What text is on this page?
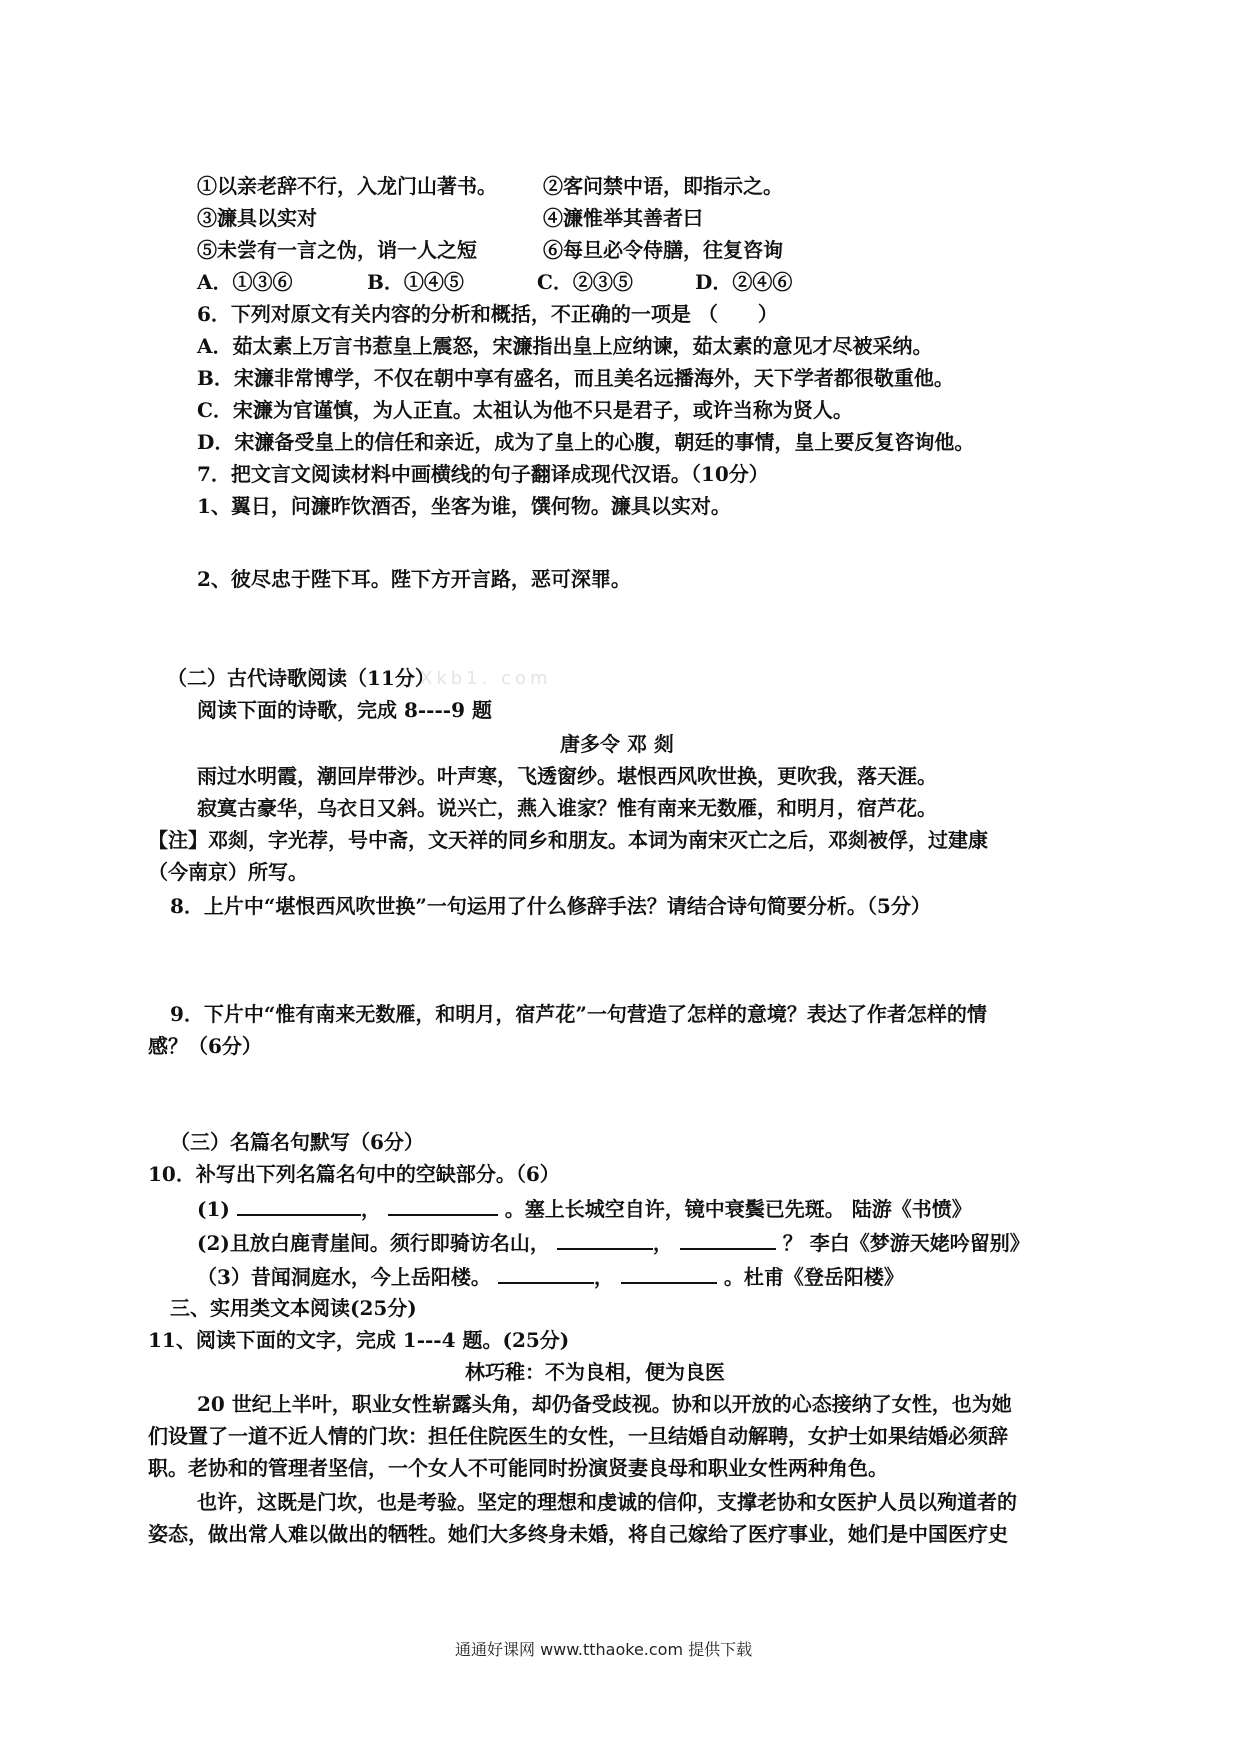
①以亲老辞不行，入龙门山著书。 ②客问禁中语，即指示之。
③濂具以实对	④濂惟举其善者曰
⑤未尝有一言之伪，诮一人之短	⑥每旦必令侍膳，往复咨询
A．①③⑥	B．①④⑤	C．②③⑤	D．②④⑥
6．下列对原文有关内容的分析和概括，不正确的一项是 （　　）
A．茹太素上万言书惹皇上震怒，宋濂指出皇上应纳谏，茹太素的意见才尽被采纳。
B．宋濂非常博学，不仅在朝中享有盛名，而且美名远播海外，天下学者都很敬重他。
C．宋濂为官谨慎，为人正直。太祖认为他不只是君子，或许当称为贤人。
D．宋濂备受皇上的信任和亲近，成为了皇上的心腹，朝廷的事情，皇上要反复咨询他。
7．把文言文阅读材料中画横线的句子翻译成现代汉语。（10分）
1、翼日，问濂昨饮酒否，坐客为谁，馔何物。濂具以实对。
2、彼尽忠于陛下耳。陛下方开言路，恶可深罪。
（二）古代诗歌阅读（11分）
Xkb1. com
阅读下面的诗歌，完成 8----9 题
唐多令 邓 剡
雨过水明霞，潮回岸带沙。叶声寒，飞透窗纱。堪恨西风吹世换，更吹我，落天涯。
寂寞古豪华，乌衣日又斜。说兴亡，燕入谁家？惟有南来无数雁，和明月，宿芦花。
【注】邓剡，字光荐，号中斋，文天祥的同乡和朋友。本词为南宋灭亡之后，邓剡被俘，过建康
（今南京）所写。
8．上片中“堪恨西风吹世换”一句运用了什么修辞手法？请结合诗句简要分析。（5分）
9．下片中“惟有南来无数雁，和明月，宿芦花”一句营造了怎样的意境？表达了作者怎样的情
感？（6分）
（三）名篇名句默写（6分）
10．补写出下列名篇名句中的空缺部分。（6）
(1)	，	。塞上长城空自许，镜中衰鬓已先斑。 陆游《书愤》
(2)且放白鹿青崖间。须行即骑访名山，	，	？ 李白《梦游天姥吟留别》
（3）昔闻洞庭水，今上岳阳楼。	，	。杜甫《登岳阳楼》
三、实用类文本阅读(25分)
11、阅读下面的文字，完成 1---4 题。(25分)
林巧稚：不为良相，便为良医
20 世纪上半叶，职业女性崭露头角，却仍备受歧视。协和以开放的心态接纳了女性，也为她
们设置了一道不近人情的门坎：担任住院医生的女性，一旦结婚自动解聘，女护士如果结婚必须辞
职。老协和的管理者坚信，一个女人不可能同时扮演贤妻良母和职业女性两种角色。
也许，这既是门坎，也是考验。坚定的理想和虔诚的信仰，支撑老协和女医护人员以殉道者的
姿态，做出常人难以做出的牺牲。她们大多终身未婚，将自己嫁给了医疗事业，她们是中国医疗史
通通好课网 www.tthaoke.com 提供下载
